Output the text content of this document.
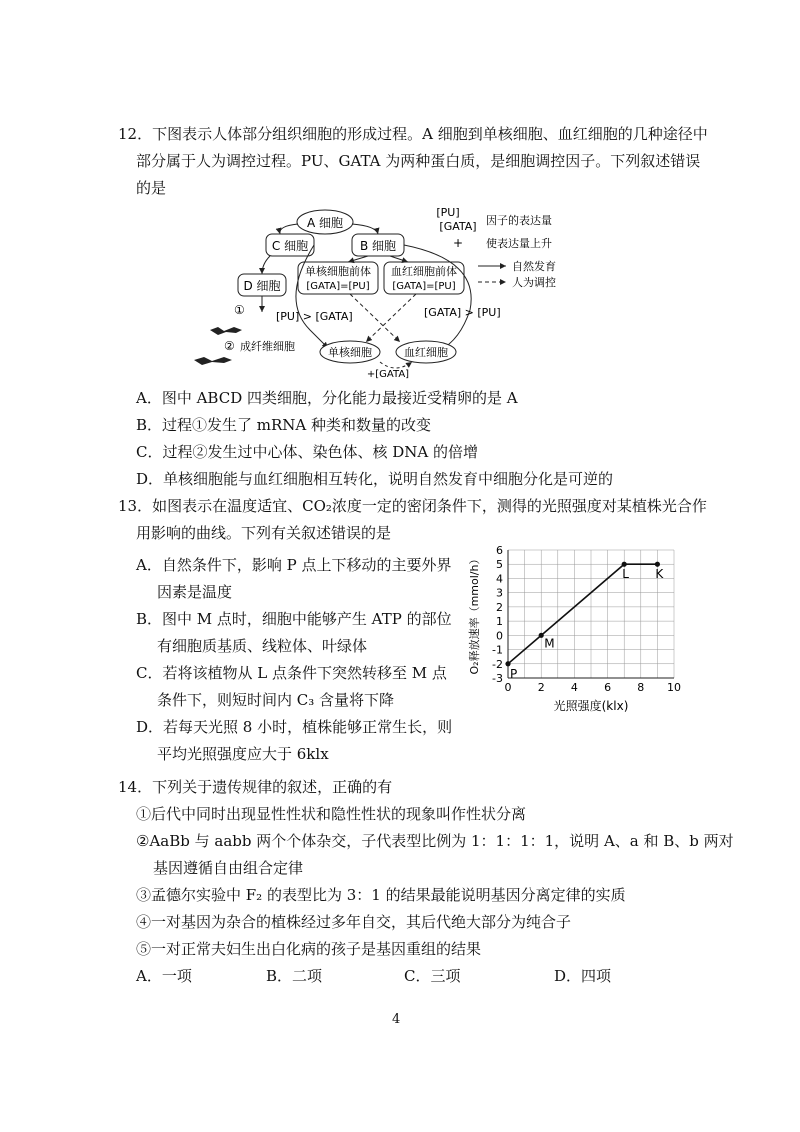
12．下图表示人体部分组织细胞的形成过程。A 细胞到单核细胞、血红细胞的几种途径中
部分属于人为调控过程。PU、GATA 为两种蛋白质，是细胞调控因子。下列叙述错误
的是
A 细胞
C 细胞	B 细胞
D 细胞
单核细胞前体
[GATA]=[PU]
血红细胞前体
[GATA]=[PU]
单核细胞	血红细胞
+[GATA]
[PU] > [GATA]	[GATA] > [PU]
①
② 成纤维细胞
[PU]
[GATA]
+
因子的表达量
使表达量上升
自然发育
人为调控
A．图中 ABCD 四类细胞，分化能力最接近受精卵的是 A
B．过程①发生了 mRNA 种类和数量的改变
C．过程②发生过中心体、染色体、核 DNA 的倍增
D．单核细胞能与血红细胞相互转化，说明自然发育中细胞分化是可逆的
13．如图表示在温度适宜、CO₂浓度一定的密闭条件下，测得的光照强度对某植株光合作
用影响的曲线。下列有关叙述错误的是
A．自然条件下，影响 P 点上下移动的主要外界
因素是温度
B．图中 M 点时，细胞中能够产生 ATP 的部位
有细胞质基质、线粒体、叶绿体
C．若将该植物从 L 点条件下突然转移至 M 点
条件下，则短时间内 C₃ 含量将下降
D．若每天光照 8 小时，植株能够正常生长，则
平均光照强度应大于 6klx
0 2 4 6 8 10
-3
-2
-1
0
1
2
3
4
5
6
P
M
L K
光照强度(klx)
O₂释放速率（mmol/h）
14．下列关于遗传规律的叙述，正确的有
①后代中同时出现显性性状和隐性性状的现象叫作性状分离
②AaBb 与 aabb 两个个体杂交，子代表型比例为 1：1：1：1，说明 A、a 和 B、b 两对
基因遵循自由组合定律
③孟德尔实验中 F₂ 的表型比为 3：1 的结果最能说明基因分离定律的实质
④一对基因为杂合的植株经过多年自交，其后代绝大部分为纯合子
⑤一对正常夫妇生出白化病的孩子是基因重组的结果
A．一项	B．二项	C．三项	D．四项
4
